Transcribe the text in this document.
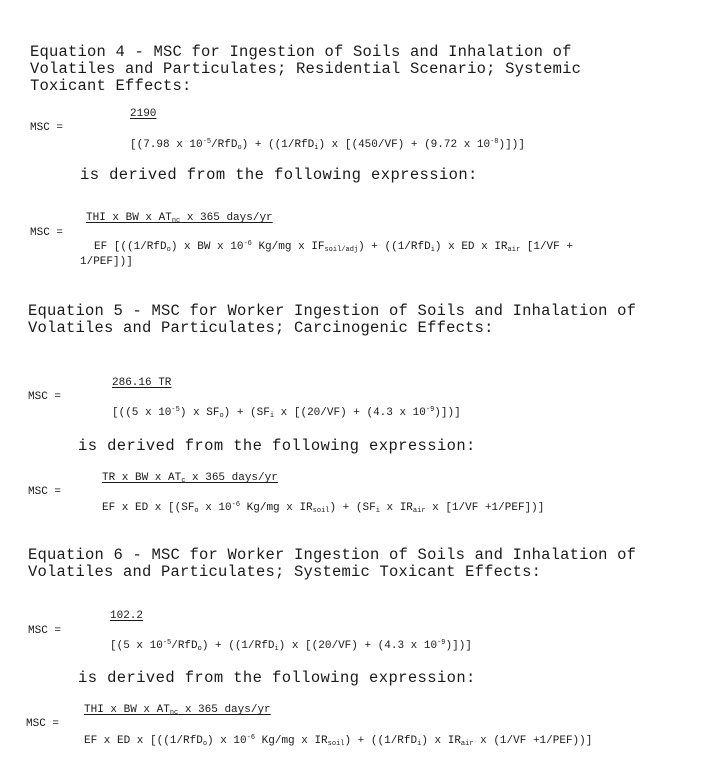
Equation 4 - MSC for Ingestion of Soils and Inhalation of
Volatiles and Particulates; Residential Scenario; Systemic
Toxicant Effects:
MSC =
2190
[(7.98 x $10^{-5}/RfD_o) + ((1/RfD_i)$ x [(450/VF) + (9.72 x $10^{-8}$)])]
is derived from the following expression:
MSC =
THI x BW x $AT_{nc}$ x 365 days/yr
EF [((1/RfD$_o$) x BW x $10^{-6}$ Kg/mg x $IF_{soil/adj}) + ((1/RfD_i)$ x ED x $IR_{air}$ [1/VF +
1/PEF])]
Equation 5 - MSC for Worker Ingestion of Soils and Inhalation of
Volatiles and Particulates; Carcinogenic Effects:
MSC =
286.16 TR
[((5 x $10^{-5}$) x $SF_o) + (SF_i$ x [(20/VF) + (4.3 x $10^{-9}$)])]
is derived from the following expression:
MSC =
TR x BW x $AT_c$ x 365 days/yr
EF x ED x [($SF_o$ x $10^{-6}$ Kg/mg x $IR_{soil}) + (SF_i$ x $IR_{air}$ x [1/VF +1/PEF])]
Equation 6 - MSC for Worker Ingestion of Soils and Inhalation of
Volatiles and Particulates; Systemic Toxicant Effects:
MSC =
102.2
[(5 x $10^{-5}/RfD_o) + ((1/RfD_i)$ x [(20/VF) + (4.3 x $10^{-9}$)])]
is derived from the following expression:
MSC =
THI x BW x $AT_{nc}$ x 365 days/yr
EF x ED x [((1/RfD$_o$) x $10^{-6}$ Kg/mg x $IR_{soil}) + ((1/RfD_i)$ x $IR_{air}$ x (1/VF +1/PEF))]
